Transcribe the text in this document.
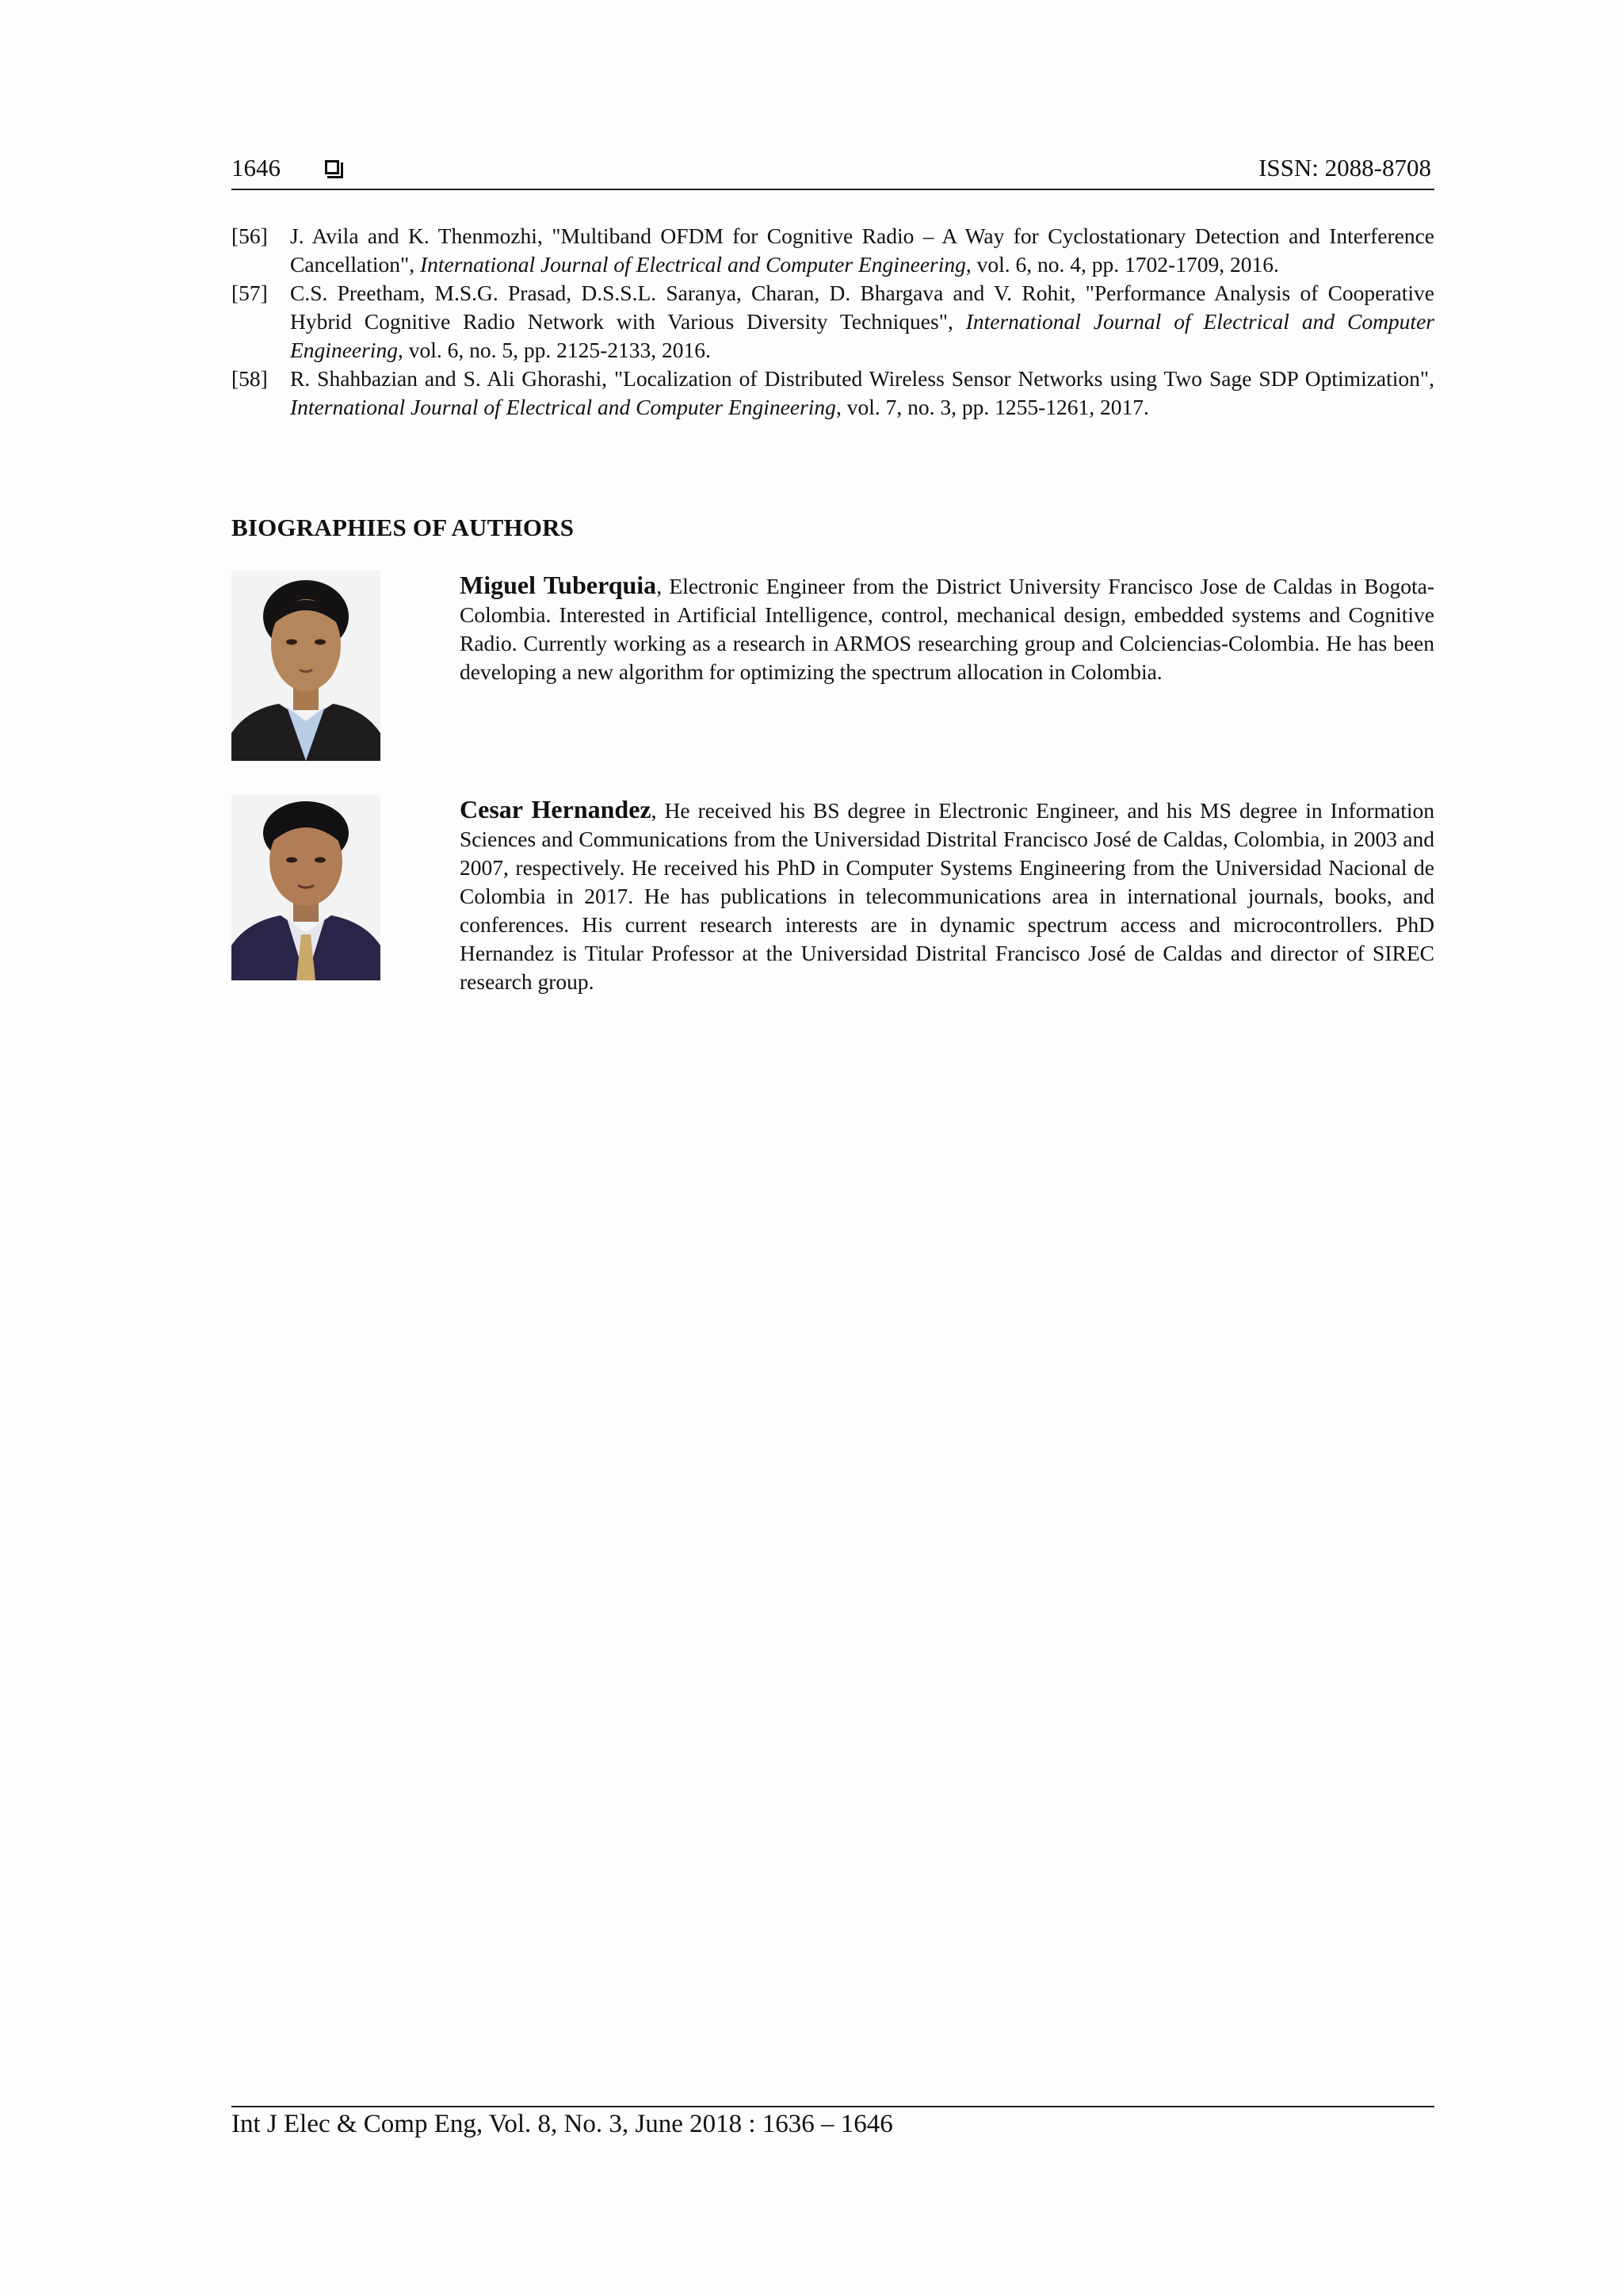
1646	ISSN: 2088-8708
[56] J. Avila and K. Thenmozhi, "Multiband OFDM for Cognitive Radio – A Way for Cyclostationary Detection and Interference Cancellation", International Journal of Electrical and Computer Engineering, vol. 6, no. 4, pp. 1702-1709, 2016.
[57] C.S. Preetham, M.S.G. Prasad, D.S.S.L. Saranya, Charan, D. Bhargava and V. Rohit, "Performance Analysis of Cooperative Hybrid Cognitive Radio Network with Various Diversity Techniques", International Journal of Electrical and Computer Engineering, vol. 6, no. 5, pp. 2125-2133, 2016.
[58] R. Shahbazian and S. Ali Ghorashi, "Localization of Distributed Wireless Sensor Networks using Two Sage SDP Optimization", International Journal of Electrical and Computer Engineering, vol. 7, no. 3, pp. 1255-1261, 2017.
BIOGRAPHIES OF AUTHORS
Miguel Tuberquia, Electronic Engineer from the District University Francisco Jose de Caldas in Bogota-Colombia. Interested in Artificial Intelligence, control, mechanical design, embedded systems and Cognitive Radio. Currently working as a research in ARMOS researching group and Colciencias-Colombia. He has been developing a new algorithm for optimizing the spectrum allocation in Colombia.
Cesar Hernandez, He received his BS degree in Electronic Engineer, and his MS degree in Information Sciences and Communications from the Universidad Distrital Francisco José de Caldas, Colombia, in 2003 and 2007, respectively. He received his PhD in Computer Systems Engineering from the Universidad Nacional de Colombia in 2017. He has publications in telecommunications area in international journals, books, and conferences. His current research interests are in dynamic spectrum access and microcontrollers. PhD Hernandez is Titular Professor at the Universidad Distrital Francisco José de Caldas and director of SIREC research group.
Int J Elec & Comp Eng, Vol. 8, No. 3, June 2018 : 1636 – 1646
